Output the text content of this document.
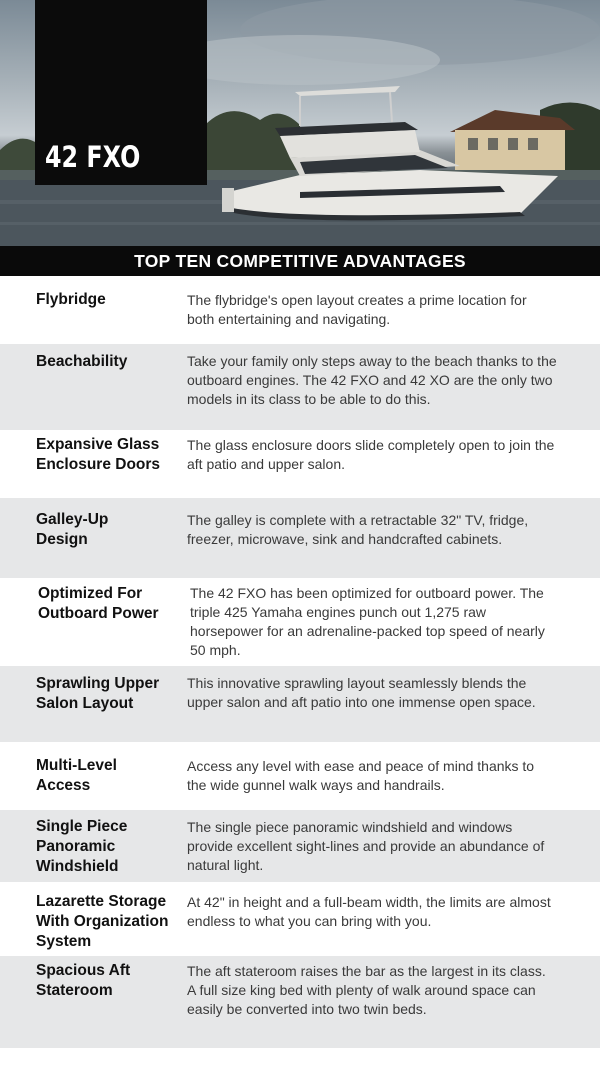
42 FXO
TOP TEN COMPETITIVE ADVANTAGES
Flybridge	The flybridge's open layout creates a prime location for both entertaining and navigating.
Beachability	Take your family only steps away to the beach thanks to the outboard engines. The 42 FXO and 42 XO are the only two models in its class to be able to do this.
Expansive Glass Enclosure Doors
The glass enclosure doors slide completely open to join the aft patio and upper salon.
Galley-Up Design
The galley is complete with a retractable 32" TV, fridge, freezer, microwave, sink and handcrafted cabinets.
Optimized For Outboard Power
The 42 FXO has been optimized for outboard power. The triple 425 Yamaha engines punch out 1,275 raw horsepower for an adrenaline-packed top speed of nearly 50 mph.
Sprawling Upper Salon Layout
This innovative sprawling layout seamlessly blends the upper salon and aft patio into one immense open space.
Multi-Level Access
Access any level with ease and peace of mind thanks to the wide gunnel walk ways and handrails.
Single Piece Panoramic Windshield
The single piece panoramic windshield and windows provide excellent sight-lines and provide an abundance of natural light.
Lazarette Storage With Organization System
At 42" in height and a full-beam width, the limits are almost endless to what you can bring with you.
Spacious Aft Stateroom
The aft stateroom raises the bar as the largest in its class. A full size king bed with plenty of walk around space can easily be converted into two twin beds.
